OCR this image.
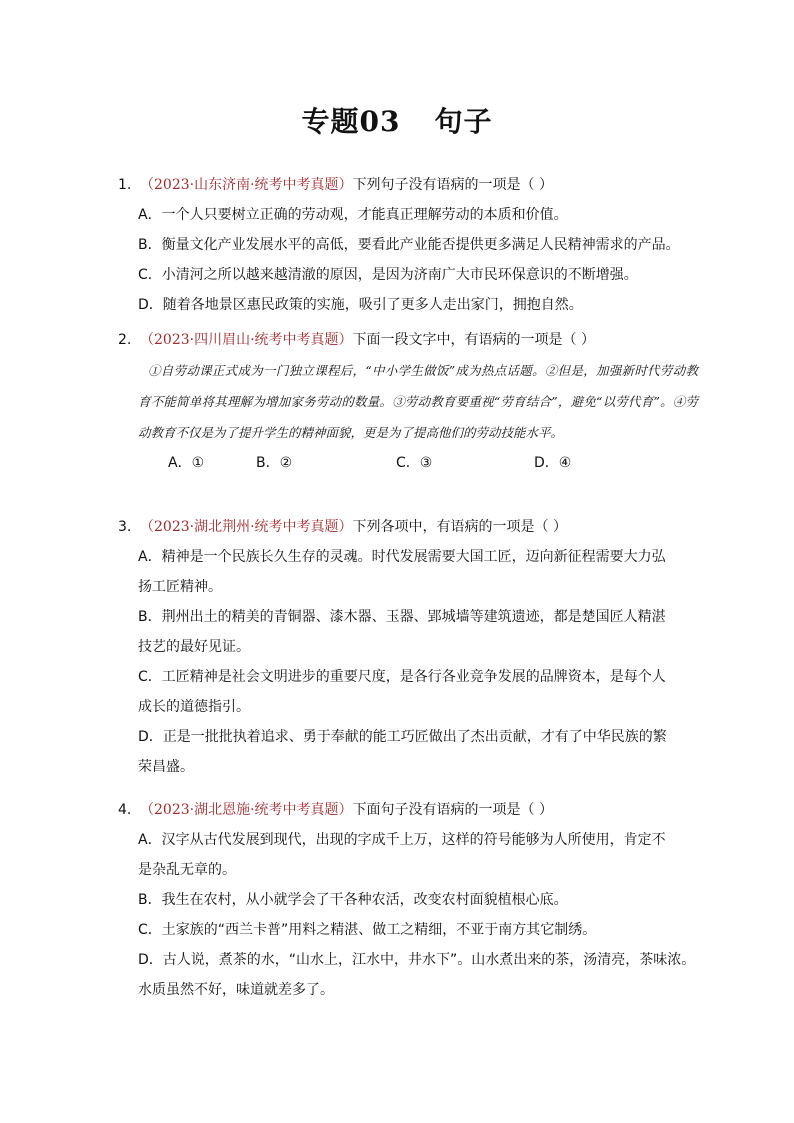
专题03 句子
1. （2023·山东济南·统考中考真题）下列句子没有语病的一项是（ ）
A．一个人只要树立正确的劳动观，才能真正理解劳动的本质和价值。
B．衡量文化产业发展水平的高低，要看此产业能否提供更多满足人民精神需求的产品。
C．小清河之所以越来越清澈的原因，是因为济南广大市民环保意识的不断增强。
D．随着各地景区惠民政策的实施，吸引了更多人走出家门，拥抱自然。
2. （2023·四川眉山·统考中考真题）下面一段文字中，有语病的一项是（ ）

①自劳动课正式成为一门独立课程后，“中小学生做饭”成为热点话题。②但是，加强新时代劳动教育不能简单将其理解为增加家务劳动的数量。③劳动教育要重视“劳育结合”，避免“以劳代育”。④劳动教育不仅是为了提升学生的精神面貌，更是为了提高他们的劳动技能水平。

A．①	B．②	C．③	D．④
3. （2023·湖北荆州·统考中考真题）下列各项中，有语病的一项是（ ）
A．精神是一个民族长久生存的灵魂。时代发展需要大国工匠，迈向新征程需要大力弘
扬工匠精神。
B．荆州出土的精美的青铜器、漆木器、玉器、郢城墙等建筑遗迹，都是楚国匠人精湛
技艺的最好见证。
C．工匠精神是社会文明进步的重要尺度，是各行各业竞争发展的品牌资本，是每个人
成长的道德指引。
D．正是一批批执着追求、勇于奉献的能工巧匠做出了杰出贡献，才有了中华民族的繁
荣昌盛。
4. （2023·湖北恩施·统考中考真题）下面句子没有语病的一项是（ ）
A．汉字从古代发展到现代，出现的字成千上万，这样的符号能够为人所使用，肯定不
是杂乱无章的。
B．我生在农村，从小就学会了干各种农活，改变农村面貌植根心底。
C．土家族的“西兰卡普”用料之精湛、做工之精细，不亚于南方其它制绣。
D．古人说，煮茶的水，“山水上，江水中，井水下”。山水煮出来的茶，汤清亮，茶味浓。
水质虽然不好，味道就差多了。
